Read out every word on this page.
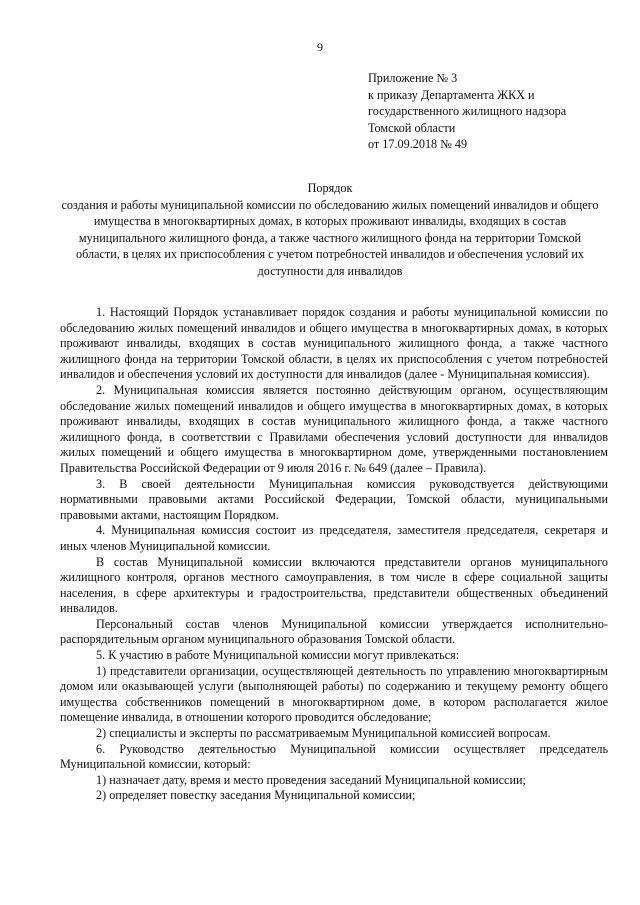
9
Приложение № 3
к приказу Департамента ЖКХ и
государственного жилищного надзора
Томской области
от 17.09.2018 № 49
Порядок
создания и работы муниципальной комиссии по обследованию жилых помещений инвалидов и общего имущества в многоквартирных домах, в которых проживают инвалиды, входящих в состав муниципального жилищного фонда, а также частного жилищного фонда на территории Томской области, в целях их приспособления с учетом потребностей инвалидов и обеспечения условий их доступности для инвалидов

1. Настоящий Порядок устанавливает порядок создания и работы муниципальной комиссии по обследованию жилых помещений инвалидов и общего имущества в многоквартирных домах, в которых проживают инвалиды, входящих в состав муниципального жилищного фонда, а также частного жилищного фонда на территории Томской области, в целях их приспособления с учетом потребностей инвалидов и обеспечения условий их доступности для инвалидов (далее - Муниципальная комиссия).

2. Муниципальная комиссия является постоянно действующим органом, осуществляющим обследование жилых помещений инвалидов и общего имущества в многоквартирных домах, в которых проживают инвалиды, входящих в состав муниципального жилищного фонда, а также частного жилищного фонда, в соответствии с Правилами обеспечения условий доступности для инвалидов жилых помещений и общего имущества в многоквартирном доме, утвержденными постановлением Правительства Российской Федерации от 9 июля 2016 г. № 649 (далее – Правила).

3. В своей деятельности Муниципальная комиссия руководствуется действующими нормативными правовыми актами Российской Федерации, Томской области, муниципальными правовыми актами, настоящим Порядком.

4. Муниципальная комиссия состоит из председателя, заместителя председателя, секретаря и иных членов Муниципальной комиссии.

В состав Муниципальной комиссии включаются представители органов муниципального жилищного контроля, органов местного самоуправления, в том числе в сфере социальной защиты населения, в сфере архитектуры и градостроительства, представители общественных объединений инвалидов.

Персональный состав членов Муниципальной комиссии утверждается исполнительно-распорядительным органом муниципального образования Томской области.

5. К участию в работе Муниципальной комиссии могут привлекаться:

1) представители организации, осуществляющей деятельность по управлению многоквартирным домом или оказывающей услуги (выполняющей работы) по содержанию и текущему ремонту общего имущества собственников помещений в многоквартирном доме, в котором располагается жилое помещение инвалида, в отношении которого проводится обследование;

2) специалисты и эксперты по рассматриваемым Муниципальной комиссией вопросам.

6. Руководство деятельностью Муниципальной комиссии осуществляет председатель Муниципальной комиссии, который:

1) назначает дату, время и место проведения заседаний Муниципальной комиссии;

2) определяет повестку заседания Муниципальной комиссии;
